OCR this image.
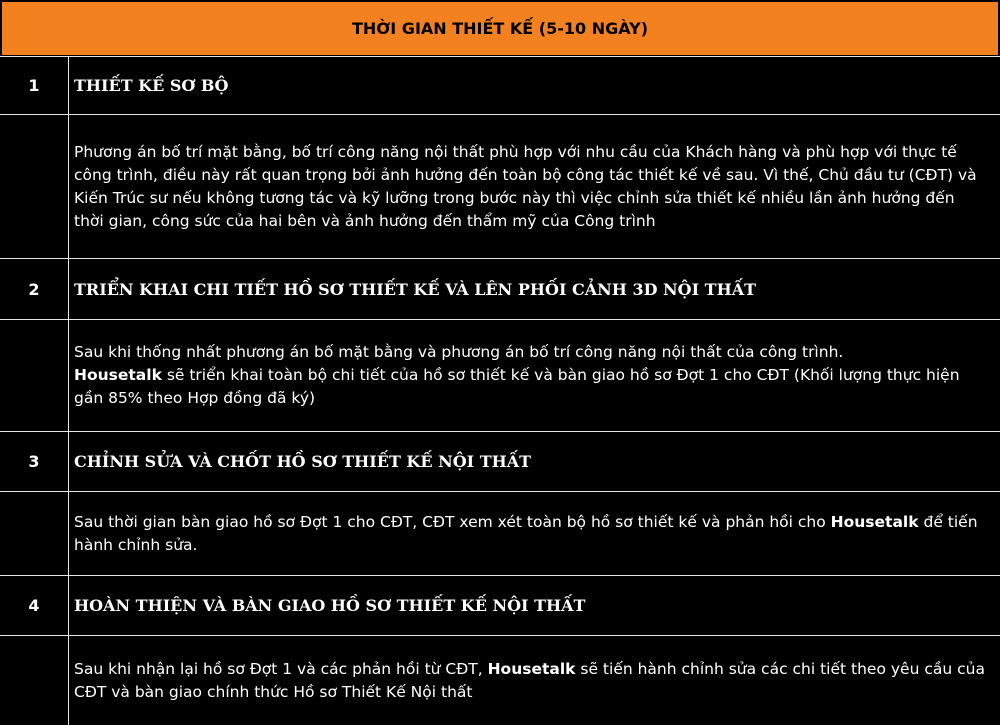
THỜI GIAN THIẾT KẾ (5-10 NGÀY)
1	THIẾT KẾ SƠ BỘ
Phương án bố trí mặt bằng, bố trí công năng nội thất phù hợp với nhu cầu của Khách hàng và phù hợp với thực tế công trình, điều này rất quan trọng bởi ảnh hưởng đến toàn bộ công tác thiết kế về sau. Vì thế, Chủ đầu tư (CĐT) và Kiến Trúc sư nếu không tương tác và kỹ lưỡng trong bước này thì việc chỉnh sửa thiết kế nhiều lần ảnh hưởng đến thời gian, công sức của hai bên và ảnh hưởng đến thẩm mỹ của Công trình
2	TRIỂN KHAI CHI TIẾT HỒ SƠ THIẾT KẾ VÀ LÊN PHỐI CẢNH 3D NỘI THẤT
Sau khi thống nhất phương án bố mặt bằng và phương án bố trí công năng nội thất của công trình.
Housetalk sẽ triển khai toàn bộ chi tiết của hồ sơ thiết kế và bàn giao hồ sơ Đợt 1 cho CĐT (Khối lượng thực hiện gần 85% theo Hợp đồng đã ký)
3	CHỈNH SỬA VÀ CHỐT HỒ SƠ THIẾT KẾ NỘI THẤT
Sau thời gian bàn giao hồ sơ Đợt 1 cho CĐT, CĐT xem xét toàn bộ hồ sơ thiết kế và phản hồi cho Housetalk để tiến hành chỉnh sửa.
4	HOÀN THIỆN VÀ BÀN GIAO HỒ SƠ THIẾT KẾ NỘI THẤT
Sau khi nhận lại hồ sơ Đợt 1 và các phản hồi từ CĐT, Housetalk sẽ tiến hành chỉnh sửa các chi tiết theo yêu cầu của CĐT và bàn giao chính thức Hồ sơ Thiết Kế Nội thất
